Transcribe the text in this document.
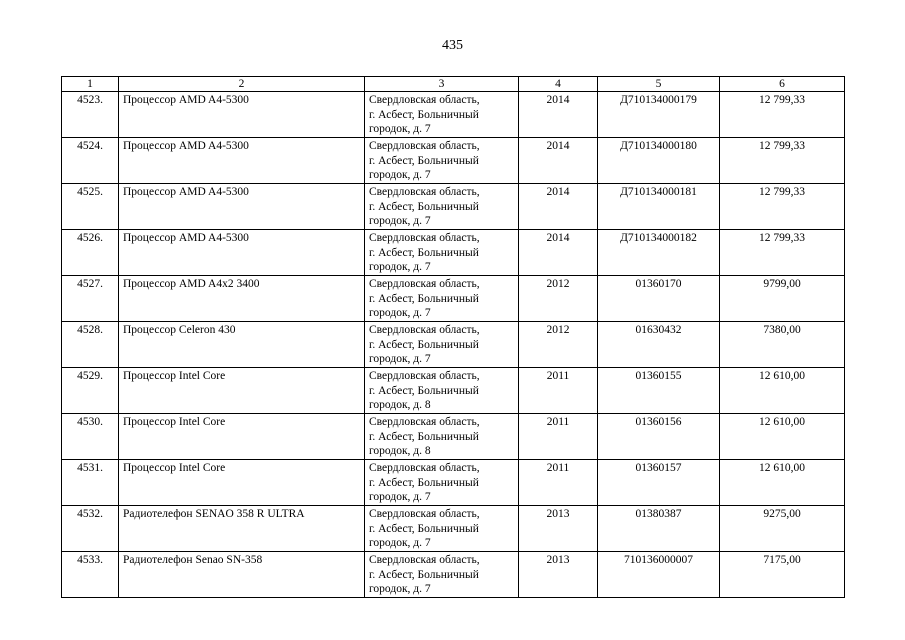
435
1	2	3	4	5	6
4523.	Процессор AMD A4-5300	Свердловская область,
г. Асбест, Больничный
городок, д. 7	2014	Д710134000179	12 799,33
4524.	Процессор AMD A4-5300	Свердловская область,
г. Асбест, Больничный
городок, д. 7	2014	Д710134000180	12 799,33
4525.	Процессор AMD A4-5300	Свердловская область,
г. Асбест, Больничный
городок, д. 7	2014	Д710134000181	12 799,33
4526.	Процессор AMD A4-5300	Свердловская область,
г. Асбест, Больничный
городок, д. 7	2014	Д710134000182	12 799,33
4527.	Процессор AMD A4x2 3400	Свердловская область,
г. Асбест, Больничный
городок, д. 7	2012	01360170	9799,00
4528.	Процессор Celeron 430	Свердловская область,
г. Асбест, Больничный
городок, д. 7	2012	01630432	7380,00
4529.	Процессор Intel Core	Свердловская область,
г. Асбест, Больничный
городок, д. 8	2011	01360155	12 610,00
4530.	Процессор Intel Core	Свердловская область,
г. Асбест, Больничный
городок, д. 8	2011	01360156	12 610,00
4531.	Процессор Intel Core	Свердловская область,
г. Асбест, Больничный
городок, д. 7	2011	01360157	12 610,00
4532.	Радиотелефон SENAO 358 R ULTRA	Свердловская область,
г. Асбест, Больничный
городок, д. 7	2013	01380387	9275,00
4533.	Радиотелефон Senao SN-358	Свердловская область,
г. Асбест, Больничный
городок, д. 7	2013	710136000007	7175,00
